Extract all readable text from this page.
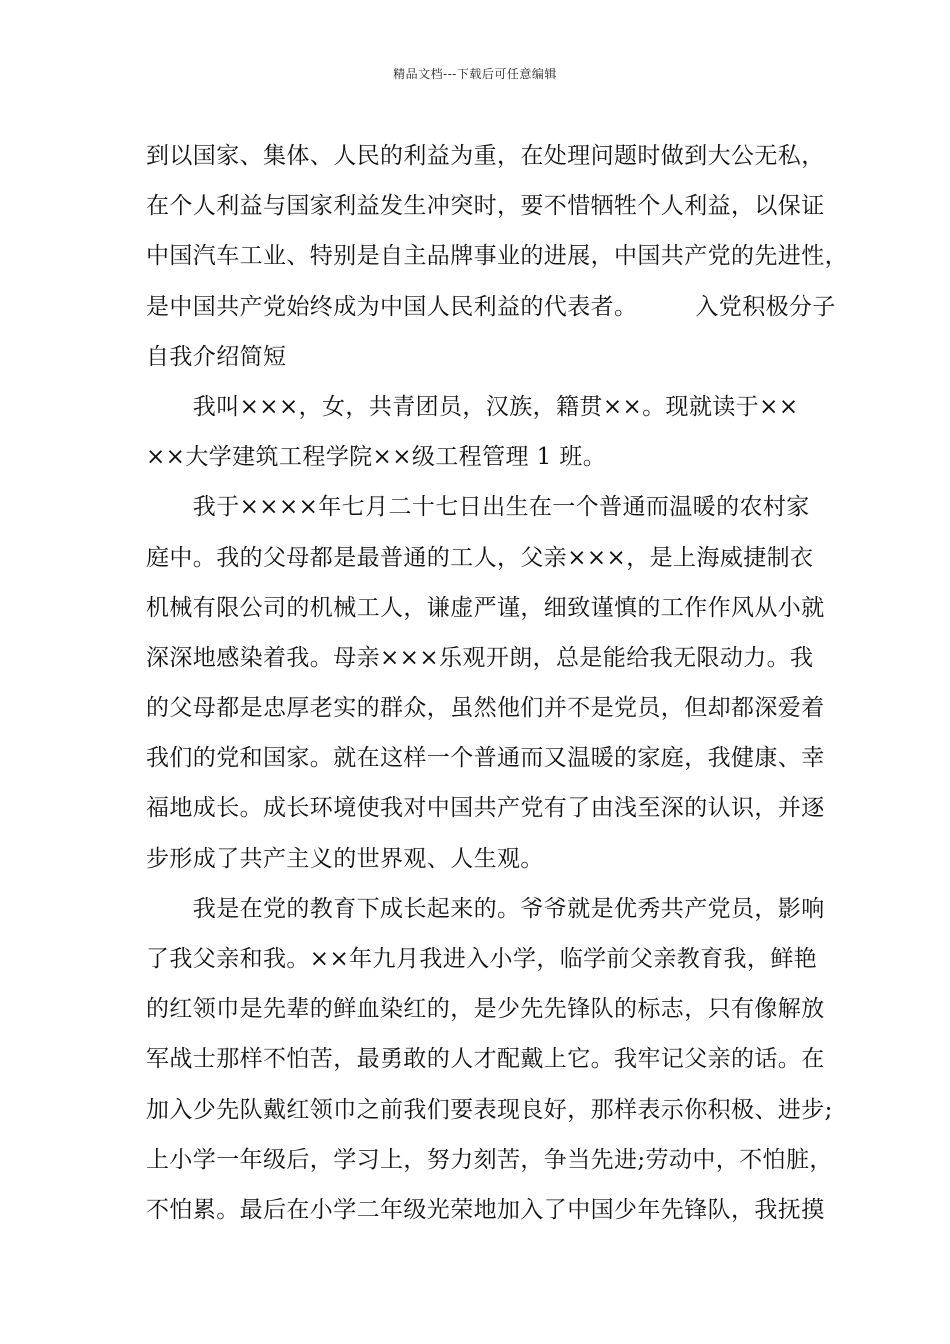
精品文档---下载后可任意编辑
到以国家、集体、人民的利益为重，在处理问题时做到大公无私，
在个人利益与国家利益发生冲突时，要不惜牺牲个人利益，以保证
中国汽车工业、特别是自主品牌事业的进展，中国共产党的先进性，
是中国共产党始终成为中国人民利益的代表者。	入党积极分子
自我介绍简短
　　我叫×××，女，共青团员，汉族，籍贯××。现就读于××
××大学建筑工程学院××级工程管理 1 班。
　　我于××××年七月二十七日出生在一个普通而温暖的农村家
庭中。我的父母都是最普通的工人，父亲×××，是上海威捷制衣
机械有限公司的机械工人，谦虚严谨，细致谨慎的工作作风从小就
深深地感染着我。母亲×××乐观开朗，总是能给我无限动力。我
的父母都是忠厚老实的群众，虽然他们并不是党员，但却都深爱着
我们的党和国家。就在这样一个普通而又温暖的家庭，我健康、幸
福地成长。成长环境使我对中国共产党有了由浅至深的认识，并逐
步形成了共产主义的世界观、人生观。
　　我是在党的教育下成长起来的。爷爷就是优秀共产党员，影响
了我父亲和我。××年九月我进入小学，临学前父亲教育我，鲜艳
的红领巾是先辈的鲜血染红的，是少先先锋队的标志，只有像解放
军战士那样不怕苦，最勇敢的人才配戴上它。我牢记父亲的话。在
加入少先队戴红领巾之前我们要表现良好，那样表示你积极、进步;
上小学一年级后，学习上，努力刻苦，争当先进;劳动中，不怕脏，
不怕累。最后在小学二年级光荣地加入了中国少年先锋队，我抚摸
